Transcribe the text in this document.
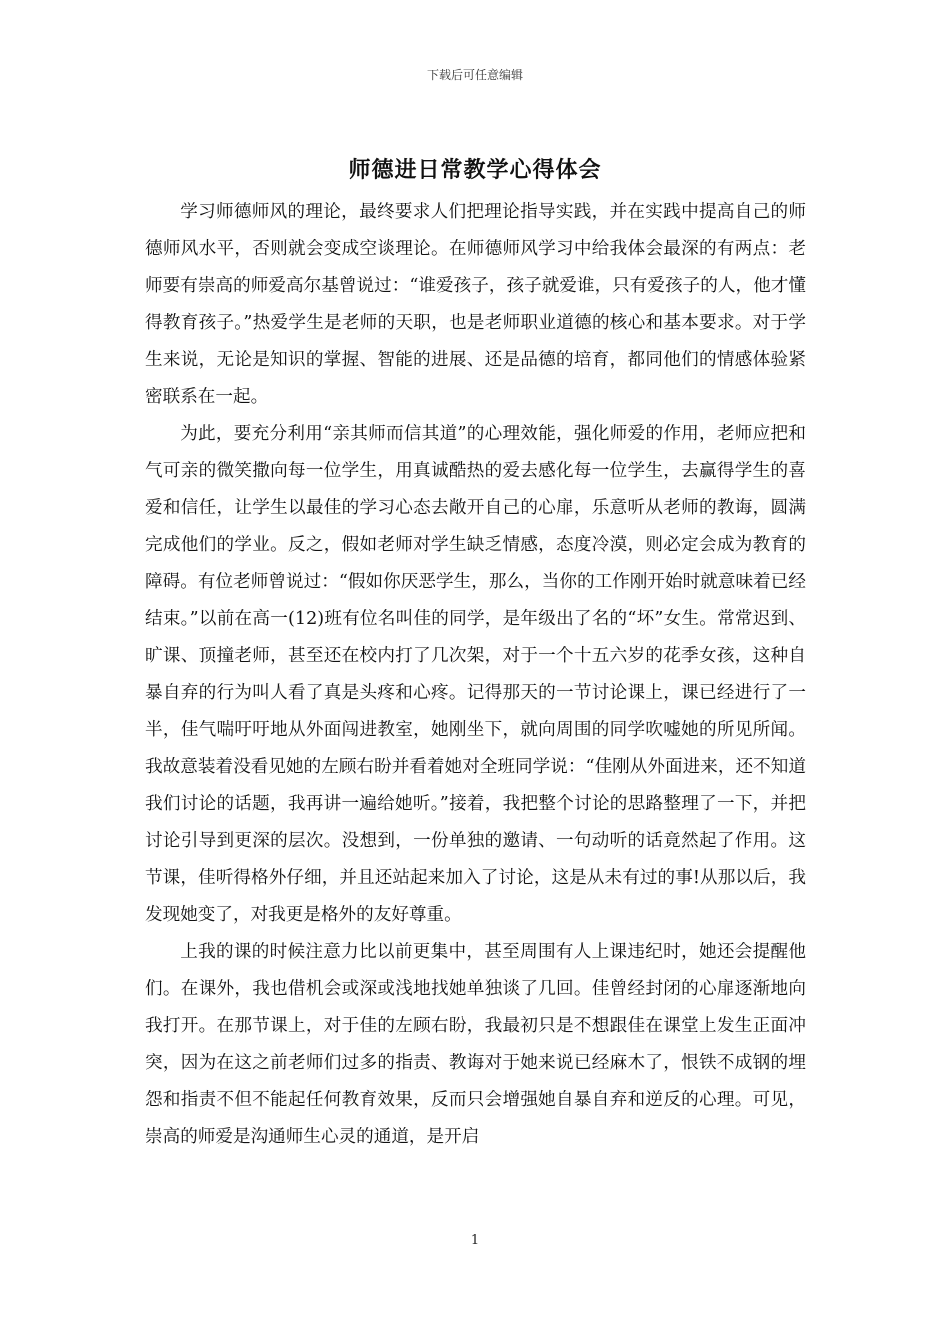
下载后可任意编辑
师德进日常教学心得体会

学习师德师风的理论，最终要求人们把理论指导实践，并在实践中提高自己的师德师风水平，否则就会变成空谈理论。在师德师风学习中给我体会最深的有两点：老师要有崇高的师爱高尔基曾说过：“谁爱孩子，孩子就爱谁，只有爱孩子的人，他才懂得教育孩子。”热爱学生是老师的天职，也是老师职业道德的核心和基本要求。对于学生来说，无论是知识的掌握、智能的进展、还是品德的培育，都同他们的情感体验紧密联系在一起。

为此，要充分利用“亲其师而信其道”的心理效能，强化师爱的作用，老师应把和气可亲的微笑撒向每一位学生，用真诚酷热的爱去感化每一位学生，去赢得学生的喜爱和信任，让学生以最佳的学习心态去敞开自己的心扉，乐意听从老师的教诲，圆满完成他们的学业。反之，假如老师对学生缺乏情感，态度冷漠，则必定会成为教育的障碍。有位老师曾说过：“假如你厌恶学生，那么，当你的工作刚开始时就意味着已经结束。”以前在高一(12)班有位名叫佳的同学，是年级出了名的“坏”女生。常常迟到、旷课、顶撞老师，甚至还在校内打了几次架，对于一个十五六岁的花季女孩，这种自暴自弃的行为叫人看了真是头疼和心疼。记得那天的一节讨论课上，课已经进行了一半，佳气喘吁吁地从外面闯进教室，她刚坐下，就向周围的同学吹嘘她的所见所闻。我故意装着没看见她的左顾右盼并看着她对全班同学说：“佳刚从外面进来，还不知道我们讨论的话题，我再讲一遍给她听。”接着，我把整个讨论的思路整理了一下，并把讨论引导到更深的层次。没想到，一份单独的邀请、一句动听的话竟然起了作用。这节课，佳听得格外仔细，并且还站起来加入了讨论，这是从未有过的事!从那以后，我发现她变了，对我更是格外的友好尊重。

上我的课的时候注意力比以前更集中，甚至周围有人上课违纪时，她还会提醒他们。在课外，我也借机会或深或浅地找她单独谈了几回。佳曾经封闭的心扉逐渐地向我打开。在那节课上，对于佳的左顾右盼，我最初只是不想跟佳在课堂上发生正面冲突，因为在这之前老师们过多的指责、教诲对于她来说已经麻木了，恨铁不成钢的埋怨和指责不但不能起任何教育效果，反而只会增强她自暴自弃和逆反的心理。可见，崇高的师爱是沟通师生心灵的通道，是开启

1
